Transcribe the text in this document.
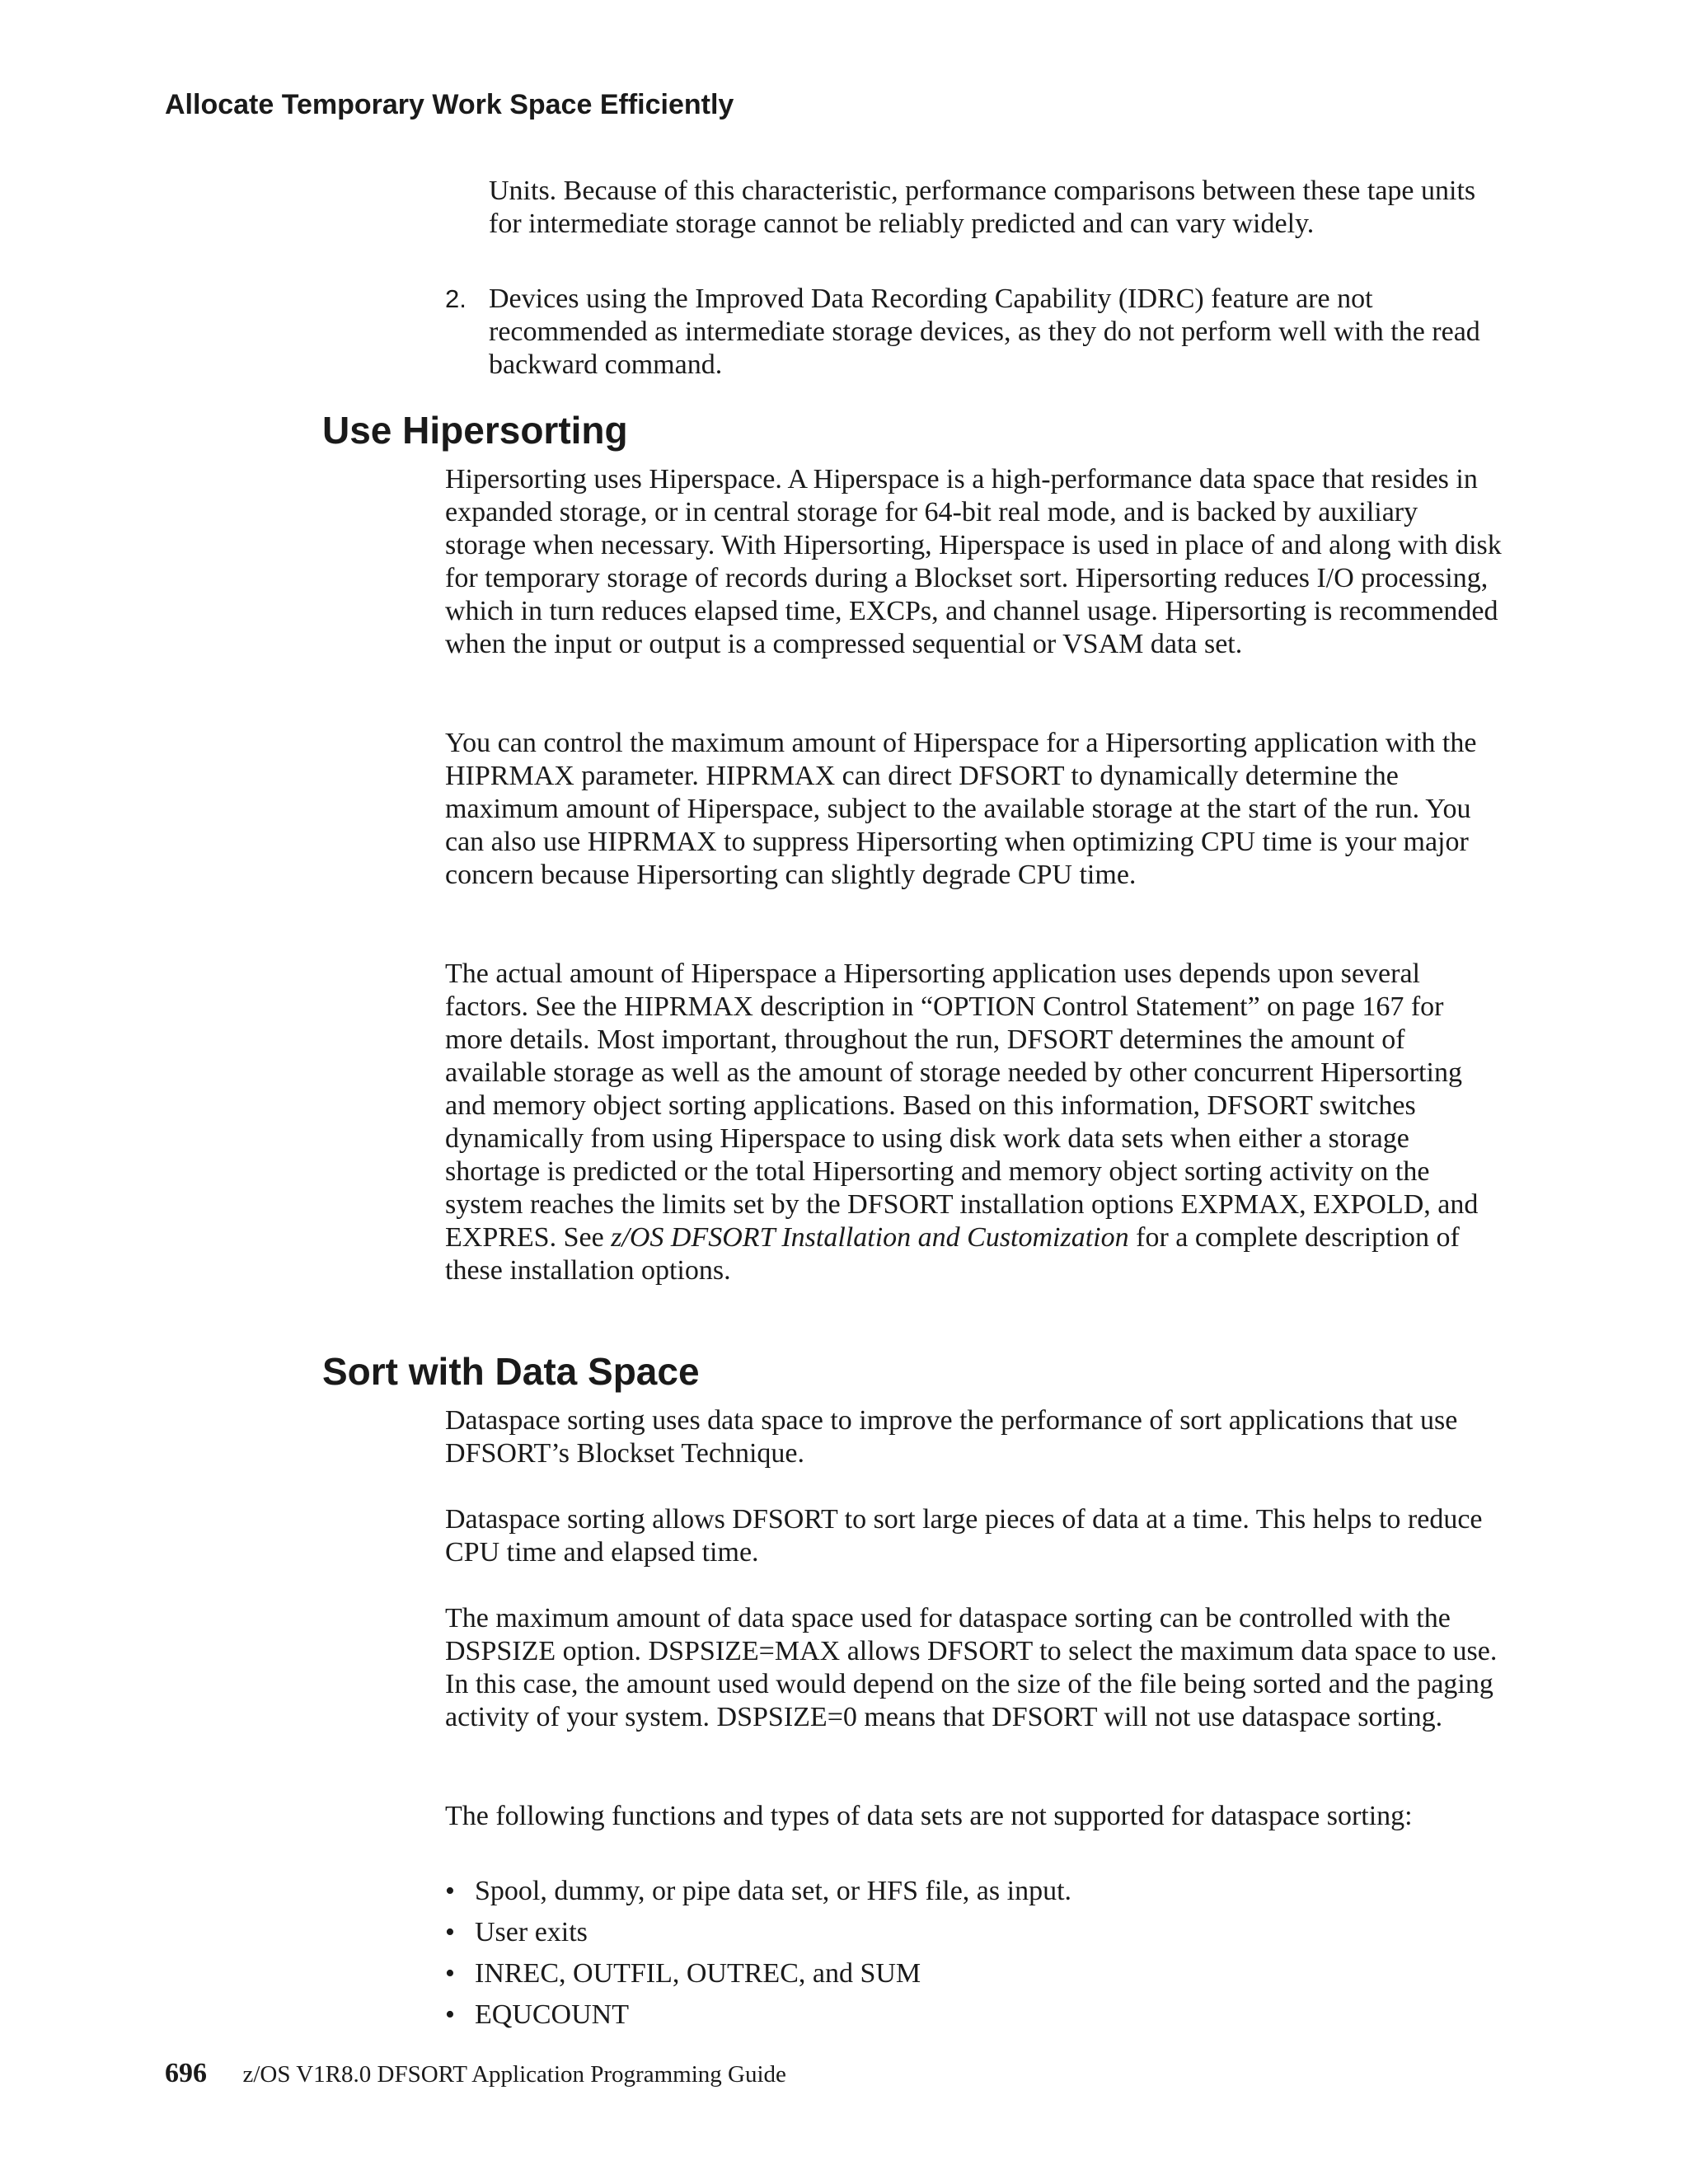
Allocate Temporary Work Space Efficiently

Units. Because of this characteristic, performance comparisons between these tape units for intermediate storage cannot be reliably predicted and can vary widely.

2. Devices using the Improved Data Recording Capability (IDRC) feature are not recommended as intermediate storage devices, as they do not perform well with the read backward command.
Use Hipersorting

Hipersorting uses Hiperspace. A Hiperspace is a high-performance data space that resides in expanded storage, or in central storage for 64-bit real mode, and is backed by auxiliary storage when necessary. With Hipersorting, Hiperspace is used in place of and along with disk for temporary storage of records during a Blockset sort. Hipersorting reduces I/O processing, which in turn reduces elapsed time, EXCPs, and channel usage. Hipersorting is recommended when the input or output is a compressed sequential or VSAM data set.

You can control the maximum amount of Hiperspace for a Hipersorting application with the HIPRMAX parameter. HIPRMAX can direct DFSORT to dynamically determine the maximum amount of Hiperspace, subject to the available storage at the start of the run. You can also use HIPRMAX to suppress Hipersorting when optimizing CPU time is your major concern because Hipersorting can slightly degrade CPU time.

The actual amount of Hiperspace a Hipersorting application uses depends upon several factors. See the HIPRMAX description in “OPTION Control Statement” on page 167 for more details. Most important, throughout the run, DFSORT determines the amount of available storage as well as the amount of storage needed by other concurrent Hipersorting and memory object sorting applications. Based on this information, DFSORT switches dynamically from using Hiperspace to using disk work data sets when either a storage shortage is predicted or the total Hipersorting and memory object sorting activity on the system reaches the limits set by the DFSORT installation options EXPMAX, EXPOLD, and EXPRES. See z/OS DFSORT Installation and Customization for a complete description of these installation options.

Sort with Data Space

Dataspace sorting uses data space to improve the performance of sort applications that use DFSORT’s Blockset Technique.

Dataspace sorting allows DFSORT to sort large pieces of data at a time. This helps to reduce CPU time and elapsed time.

The maximum amount of data space used for dataspace sorting can be controlled with the DSPSIZE option. DSPSIZE=MAX allows DFSORT to select the maximum data space to use. In this case, the amount used would depend on the size of the file being sorted and the paging activity of your system. DSPSIZE=0 means that DFSORT will not use dataspace sorting.

The following functions and types of data sets are not supported for dataspace sorting:

• Spool, dummy, or pipe data set, or HFS file, as input.
• User exits
• INREC, OUTFIL, OUTREC, and SUM
• EQUCOUNT
696 z/OS V1R8.0 DFSORT Application Programming Guide
